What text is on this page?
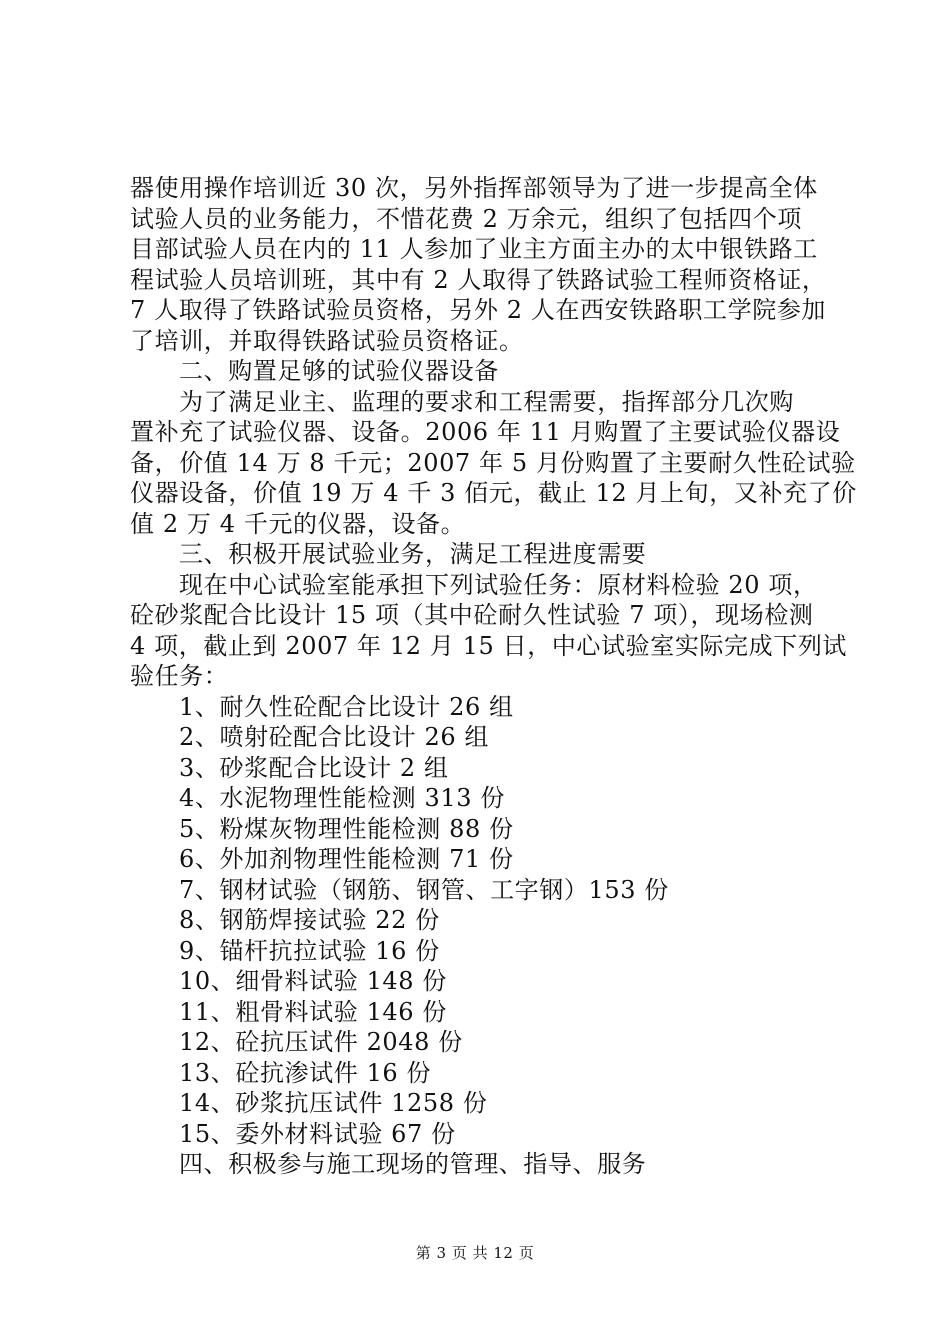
器使用操作培训近 30 次，另外指挥部领导为了进一步提高全体
试验人员的业务能力，不惜花费 2 万余元，组织了包括四个项
目部试验人员在内的 11 人参加了业主方面主办的太中银铁路工
程试验人员培训班，其中有 2 人取得了铁路试验工程师资格证，
7 人取得了铁路试验员资格，另外 2 人在西安铁路职工学院参加
了培训，并取得铁路试验员资格证。
二、购置足够的试验仪器设备
为了满足业主、监理的要求和工程需要，指挥部分几次购
置补充了试验仪器、设备。2006 年 11 月购置了主要试验仪器设
备，价值 14 万 8 千元；2007 年 5 月份购置了主要耐久性砼试验
仪器设备，价值 19 万 4 千 3 佰元，截止 12 月上旬，又补充了价
值 2 万 4 千元的仪器，设备。
三、积极开展试验业务，满足工程进度需要
现在中心试验室能承担下列试验任务：原材料检验 20 项，
砼砂浆配合比设计 15 项（其中砼耐久性试验 7 项），现场检测
4 项，截止到 2007 年 12 月 15 日，中心试验室实际完成下列试
验任务：
1、耐久性砼配合比设计 26 组
2、喷射砼配合比设计 26 组
3、砂浆配合比设计 2 组
4、水泥物理性能检测 313 份
5、粉煤灰物理性能检测 88 份
6、外加剂物理性能检测 71 份
7、钢材试验（钢筋、钢管、工字钢）153 份
8、钢筋焊接试验 22 份
9、锚杆抗拉试验 16 份
10、细骨料试验 148 份
11、粗骨料试验 146 份
12、砼抗压试件 2048 份
13、砼抗渗试件 16 份
14、砂浆抗压试件 1258 份
15、委外材料试验 67 份
四、积极参与施工现场的管理、指导、服务
第 3 页 共 12 页
